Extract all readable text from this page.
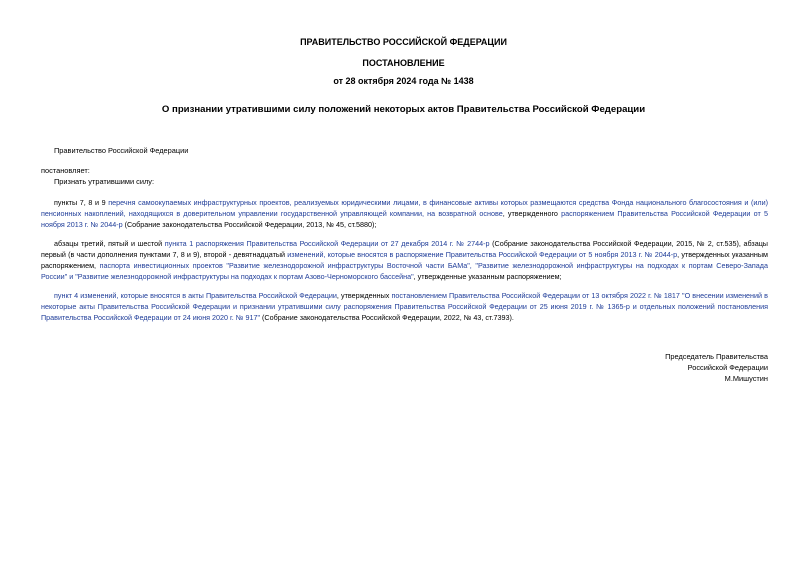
ПРАВИТЕЛЬСТВО РОССИЙСКОЙ ФЕДЕРАЦИИ
ПОСТАНОВЛЕНИЕ
от 28 октября 2024 года № 1438
О признании утратившими силу положений некоторых актов Правительства Российской Федерации
Правительство Российской Федерации
постановляет:
Признать утратившими силу:
пункты 7, 8 и 9 перечня самоокупаемых инфраструктурных проектов, реализуемых юридическими лицами, в финансовые активы которых размещаются средства Фонда национального благосостояния и (или) пенсионных накоплений, находящихся в доверительном управлении государственной управляющей компании, на возвратной основе, утвержденного распоряжением Правительства Российской Федерации от 5 ноября 2013 г. № 2044-р (Собрание законодательства Российской Федерации, 2013, № 45, ст.5880);
абзацы третий, пятый и шестой пункта 1 распоряжения Правительства Российской Федерации от 27 декабря 2014 г. № 2744-р (Собрание законодательства Российской Федерации, 2015, № 2, ст.535), абзацы первый (в части дополнения пунктами 7, 8 и 9), второй - девятнадцатый изменений, которые вносятся в распоряжение Правительства Российской Федерации от 5 ноября 2013 г. № 2044-р, утвержденных указанным распоряжением, паспорта инвестиционных проектов "Развитие железнодорожной инфраструктуры Восточной части БАМа", "Развитие железнодорожной инфраструктуры на подходах к портам Северо-Запада России" и "Развитие железнодорожной инфраструктуры на подходах к портам Азово-Черноморского бассейна", утвержденные указанным распоряжением;
пункт 4 изменений, которые вносятся в акты Правительства Российской Федерации, утвержденных постановлением Правительства Российской Федерации от 13 октября 2022 г. № 1817 "О внесении изменений в некоторые акты Правительства Российской Федерации и признании утратившими силу распоряжения Правительства Российской Федерации от 25 июня 2019 г. № 1365-р и отдельных положений постановления Правительства Российской Федерации от 24 июня 2020 г. № 917" (Собрание законодательства Российской Федерации, 2022, № 43, ст.7393).
Председатель Правительства
Российской Федерации
М.Мишустин
